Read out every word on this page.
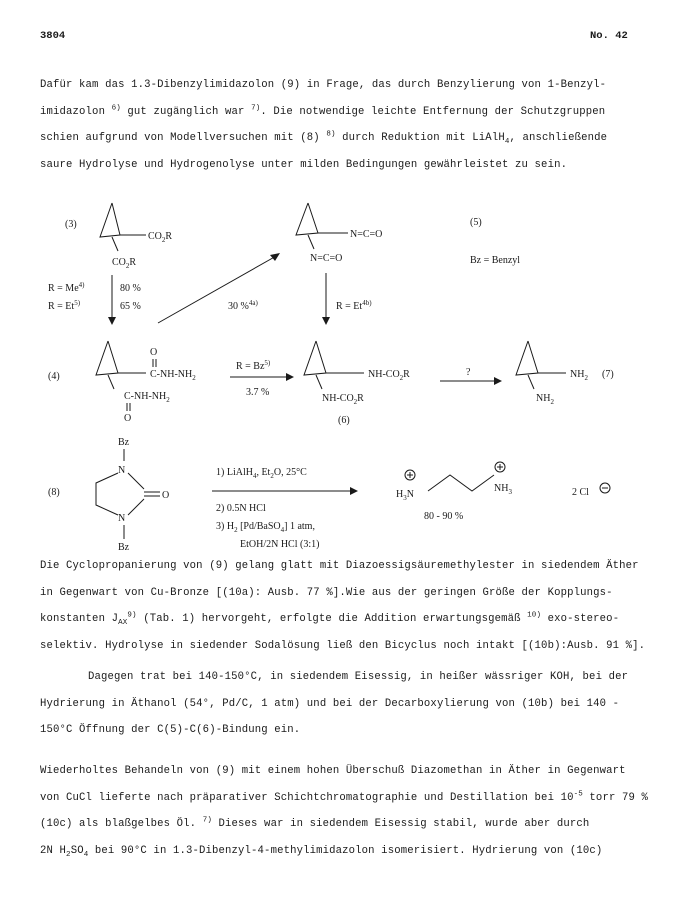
3804	No. 42
Dafür kam das 1.3-Dibenzylimidazolon (9) in Frage, das durch Benzylierung von 1-Benzyl-
imidazolon $^{6)}$ gut zugänglich war $^{7)}$. Die notwendige leichte Entfernung der Schutzgruppen
schien aufgrund von Modellversuchen mit (8) $^{8)}$ durch Reduktion mit LiAlH$_4$, anschließende
saure Hydrolyse und Hydrogenolyse unter milden Bedingungen gewährleistet zu sein.
(3)
$CO_2R$
$CO_2R$
N=C=O
N=C=O
(5)
Bz = Benzyl
$R = Me^{4)}$
$R = Et^{5)}$
80 %
65 %	30 %$^{4a)}$	$R = Et^{4b)}$
(4)
O
$C-NH-NH_2$
$C-NH-NH_2$
O
$R = Bz^{5)}$
3.7 %
$NH-CO_2R$
$NH-CO_2R$
(6)
?	$NH_2$
$NH_2$
(7)
(8)
Bz
N
N
Bz
O
1) LiAlH$_4$, $Et_2O$, 25°C
2) 0.5N HCl
3) $H_2$ [Pd/BaSO$_4$] 1 atm,
EtOH/2N HCl (3:1)
$H_3N$
$NH_3$
80 - 90 %
2 Cl
Die Cyclopropanierung von (9) gelang glatt mit Diazoessigsäuremethylester in siedendem Äther
in Gegenwart von Cu-Bronze [(10a): Ausb. 77 %].Wie aus der geringen Größe der Kopplungs-
konstanten $J_{AX}^{9)}$ (Tab. 1) hervorgeht, erfolgte die Addition erwartungsgemäß $^{10)}$ exo-stereo-
selektiv. Hydrolyse in siedender Sodalösung ließ den Bicyclus noch intakt [(10b):Ausb. 91 %].
Dagegen trat bei 140-150°C, in siedendem Eisessig, in heißer wässriger KOH, bei der
Hydrierung in Äthanol (54°, Pd/C, 1 atm) und bei der Decarboxylierung von (10b) bei 140 -
150°C Öffnung der C(5)-C(6)-Bindung ein.
Wiederholtes Behandeln von (9) mit einem hohen Überschuß Diazomethan in Äther in Gegenwart
von CuCl lieferte nach präparativer Schichtchromatographie und Destillation bei $10^{-5}$ torr 79 %
(10c) als blaßgelbes Öl. $^{7)}$ Dieses war in siedendem Eisessig stabil, wurde aber durch
2N $H_2SO_4$ bei 90°C in 1.3-Dibenzyl-4-methylimidazolon isomerisiert. Hydrierung von (10c)
